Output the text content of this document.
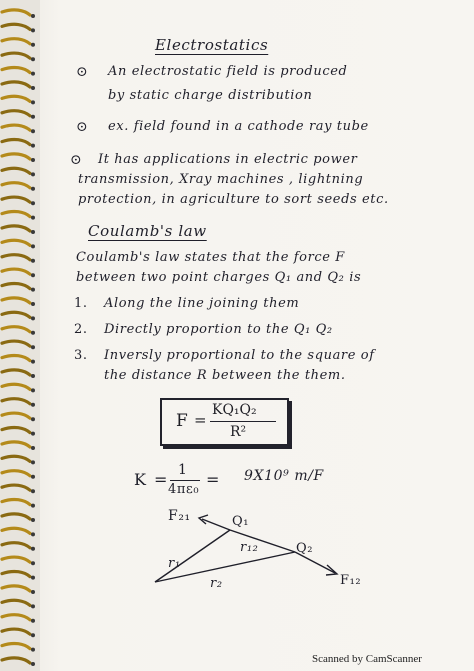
Electrostatics
⊙ An electrostatic field is produced
by static charge distribution
⊙ ex. field found in a cathode ray tube
⊙ It has applications in electric power
transmission, Xray machines , lightning
protection, in agriculture to sort seeds etc.
Coulamb's law
Coulamb's law states that the force F
between two point charges Q₁ and Q₂ is
1. Along the line joining them
2. Directly proportion to the Q₁ Q₂
3. Inversly proportional to the square of
the distance R between the them.
F =
KQ₁Q₂
R²
K = 1
4πε₀
= 9X10⁹ m/F
F₂₁	Q₁
r₁₂	Q₂
r₁
r₂	F₁₂
Scanned by CamScanner
